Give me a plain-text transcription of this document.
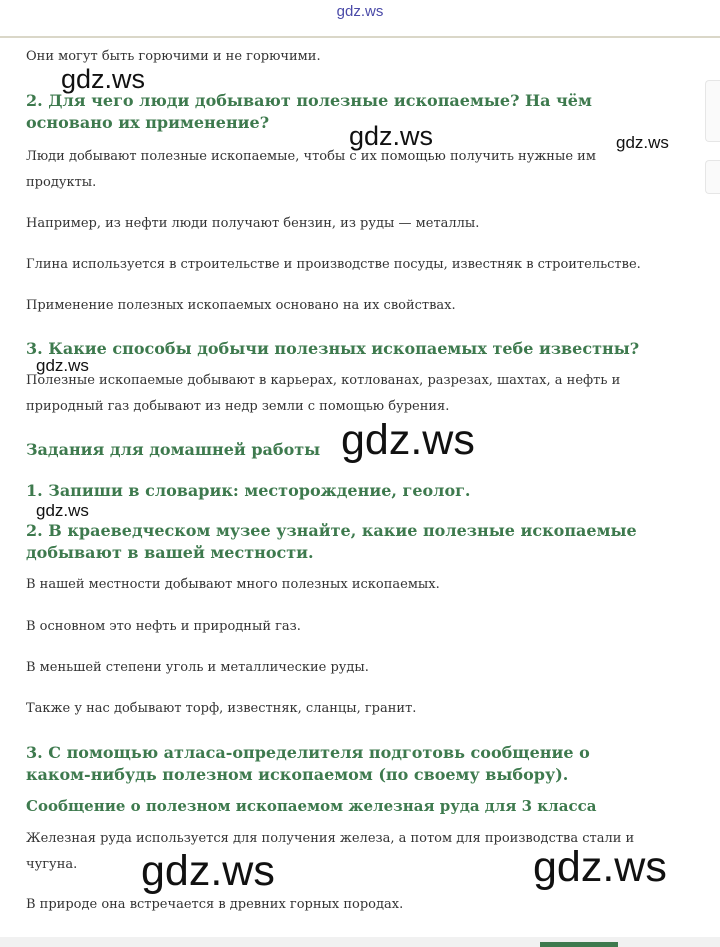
gdz.ws

Они могут быть горючими и не горючими.

2. Для чего люди добывают полезные ископаемые? На чём основано их применение?

Люди добывают полезные ископаемые, чтобы с их помощью получить нужные им продукты.

Например, из нефти люди получают бензин, из руды — металлы.

Глина используется в строительстве и производстве посуды, известняк в строительстве.

Применение полезных ископаемых основано на их свойствах.

3. Какие способы добычи полезных ископаемых тебе известны?

Полезные ископаемые добывают в карьерах, котлованах, разрезах, шахтах, а нефть и природный газ добывают из недр земли с помощью бурения.

Задания для домашней работы
1. Запиши в словарик: месторождение, геолог.
2. В краеведческом музее узнайте, какие полезные ископаемые добывают в вашей местности.

В нашей местности добывают много полезных ископаемых.

В основном это нефть и природный газ.

В меньшей степени уголь и металлические руды.

Также у нас добывают торф, известняк, сланцы, гранит.

3. С помощью атласа-определителя подготовь сообщение о каком-нибудь полезном ископаемом (по своему выбору).
Сообщение о полезном ископаемом железная руда для 3 класса

Железная руда используется для получения железа, а потом для производства стали и чугуна.

В природе она встречается в древних горных породах.

gdz.ws
gdz.ws	gdz.ws
gdz.ws
gdz.ws
gdz.ws
gdz.ws	gdz.ws
